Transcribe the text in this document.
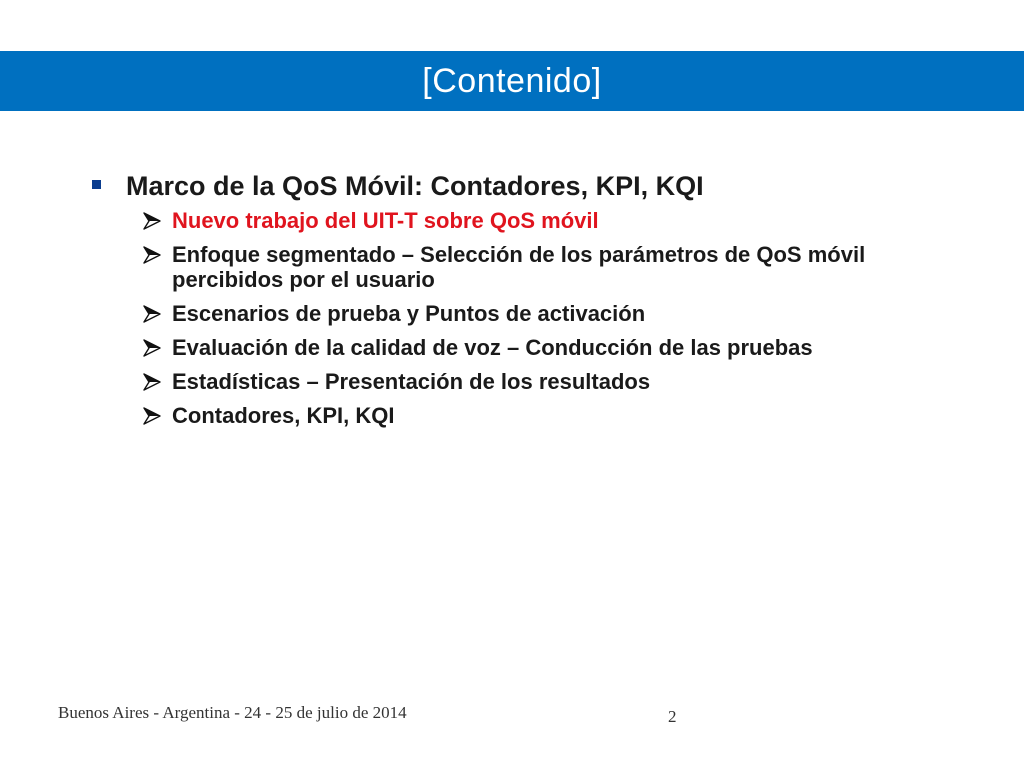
[Contenido]
Marco de la QoS Móvil: Contadores, KPI, KQI
Nuevo trabajo del UIT-T sobre QoS móvil
Enfoque segmentado – Selección de los parámetros de QoS móvil percibidos por el usuario
Escenarios de prueba y Puntos de activación
Evaluación de la calidad de voz – Conducción de las pruebas
Estadísticas – Presentación de los resultados
Contadores, KPI, KQI
Buenos Aires - Argentina - 24 - 25 de julio de 2014	2
